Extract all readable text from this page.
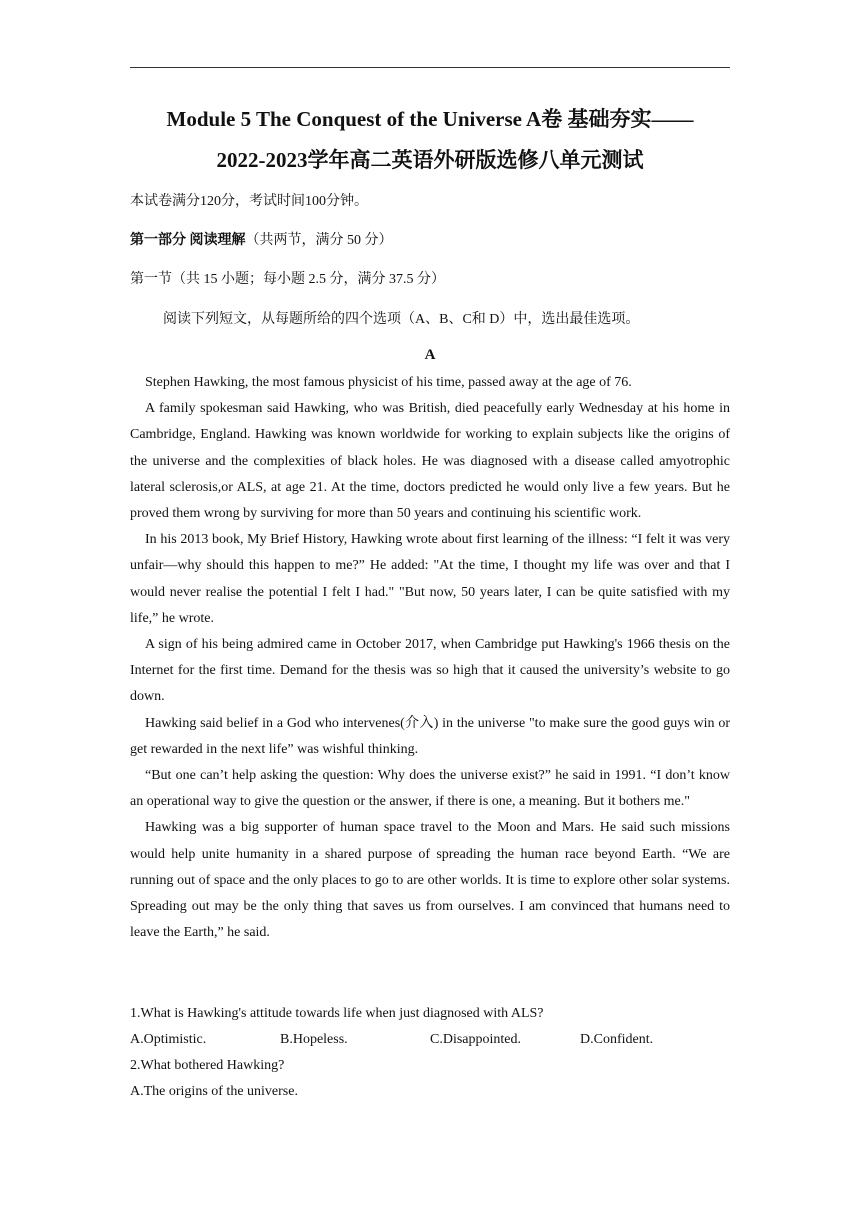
Module 5 The Conquest of the Universe A卷 基础夯实——
2022-2023学年高二英语外研版选修八单元测试
本试卷满分120分，考试时间100分钟。
第一部分 阅读理解（共两节，满分 50 分）
第一节（共 15 小题；每小题 2.5 分，满分 37.5 分）
阅读下列短文，从每题所给的四个选项（A、B、C和 D）中，选出最佳选项。
A

Stephen Hawking, the most famous physicist of his time, passed away at the age of 76.

A family spokesman said Hawking, who was British, died peacefully early Wednesday at his home in Cambridge, England. Hawking was known worldwide for working to explain subjects like the origins of the universe and the complexities of black holes. He was diagnosed with a disease called amyotrophic lateral sclerosis,or ALS, at age 21. At the time, doctors predicted he would only live a few years. But he proved them wrong by surviving for more than 50 years and continuing his scientific work.

In his 2013 book, My Brief History, Hawking wrote about first learning of the illness: “I felt it was very unfair—why should this happen to me?” He added: "At the time, I thought my life was over and that I would never realise the potential I felt I had." "But now, 50 years later, I can be quite satisfied with my life,” he wrote.

A sign of his being admired came in October 2017, when Cambridge put Hawking's 1966 thesis on the Internet for the first time. Demand for the thesis was so high that it caused the university’s website to go down.

Hawking said belief in a God who intervenes(介入) in the universe "to make sure the good guys win or get rewarded in the next life” was wishful thinking.

“But one can’t help asking the question: Why does the universe exist?” he said in 1991. “I don’t know an operational way to give the question or the answer, if there is one, a meaning. But it bothers me."

Hawking was a big supporter of human space travel to the Moon and Mars. He said such missions would help unite humanity in a shared purpose of spreading the human race beyond Earth. “We are running out of space and the only places to go to are other worlds. It is time to explore other solar systems. Spreading out may be the only thing that saves us from ourselves. I am convinced that humans need to leave the Earth,” he said.

1.What is Hawking's attitude towards life when just diagnosed with ALS?
A.Optimistic.	B.Hopeless.	C.Disappointed.	D.Confident.
2.What bothered Hawking?
A.The origins of the universe.
